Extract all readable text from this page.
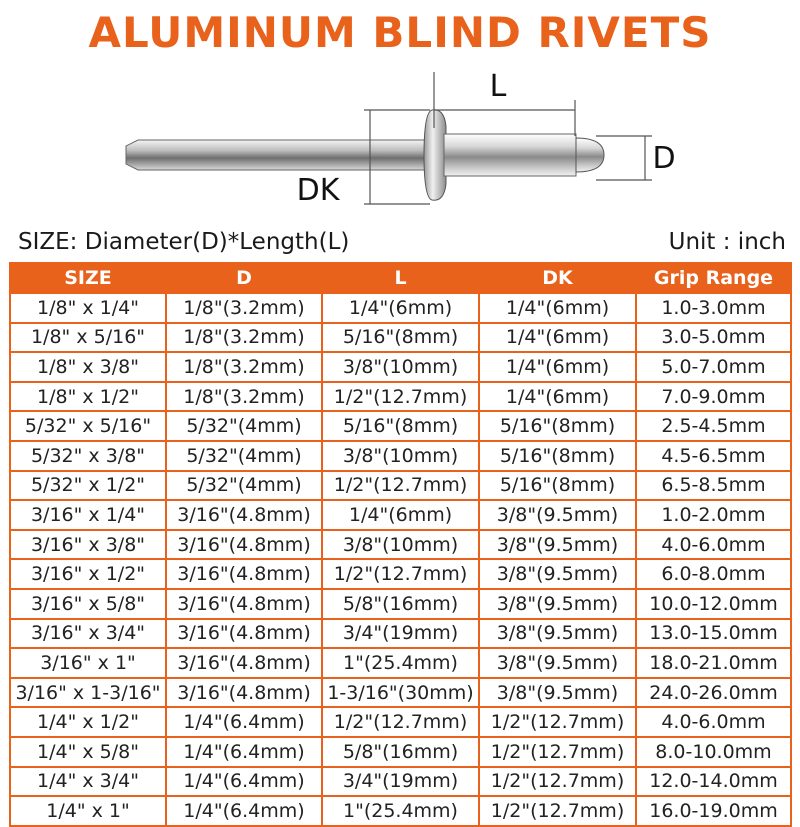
ALUMINUM BLIND RIVETS
L
D
DK
SIZE: Diameter(D)*Length(L)	Unit : inch
SIZE	D	L	DK	Grip Range
1/8" x 1/4"	1/8"(3.2mm)	1/4"(6mm)	1/4"(6mm)	1.0-3.0mm
1/8" x 5/16"	1/8"(3.2mm)	5/16"(8mm)	1/4"(6mm)	3.0-5.0mm
1/8" x 3/8"	1/8"(3.2mm)	3/8"(10mm)	1/4"(6mm)	5.0-7.0mm
1/8" x 1/2"	1/8"(3.2mm)	1/2"(12.7mm)	1/4"(6mm)	7.0-9.0mm
5/32" x 5/16"	5/32"(4mm)	5/16"(8mm)	5/16"(8mm)	2.5-4.5mm
5/32" x 3/8"	5/32"(4mm)	3/8"(10mm)	5/16"(8mm)	4.5-6.5mm
5/32" x 1/2"	5/32"(4mm)	1/2"(12.7mm)	5/16"(8mm)	6.5-8.5mm
3/16" x 1/4"	3/16"(4.8mm)	1/4"(6mm)	3/8"(9.5mm)	1.0-2.0mm
3/16" x 3/8"	3/16"(4.8mm)	3/8"(10mm)	3/8"(9.5mm)	4.0-6.0mm
3/16" x 1/2"	3/16"(4.8mm)	1/2"(12.7mm)	3/8"(9.5mm)	6.0-8.0mm
3/16" x 5/8"	3/16"(4.8mm)	5/8"(16mm)	3/8"(9.5mm)	10.0-12.0mm
3/16" x 3/4"	3/16"(4.8mm)	3/4"(19mm)	3/8"(9.5mm)	13.0-15.0mm
3/16" x 1"	3/16"(4.8mm)	1"(25.4mm)	3/8"(9.5mm)	18.0-21.0mm
3/16" x 1-3/16"	3/16"(4.8mm)	1-3/16"(30mm)	3/8"(9.5mm)	24.0-26.0mm
1/4" x 1/2"	1/4"(6.4mm)	1/2"(12.7mm)	1/2"(12.7mm)	4.0-6.0mm
1/4" x 5/8"	1/4"(6.4mm)	5/8"(16mm)	1/2"(12.7mm)	8.0-10.0mm
1/4" x 3/4"	1/4"(6.4mm)	3/4"(19mm)	1/2"(12.7mm)	12.0-14.0mm
1/4" x 1"	1/4"(6.4mm)	1"(25.4mm)	1/2"(12.7mm)	16.0-19.0mm
